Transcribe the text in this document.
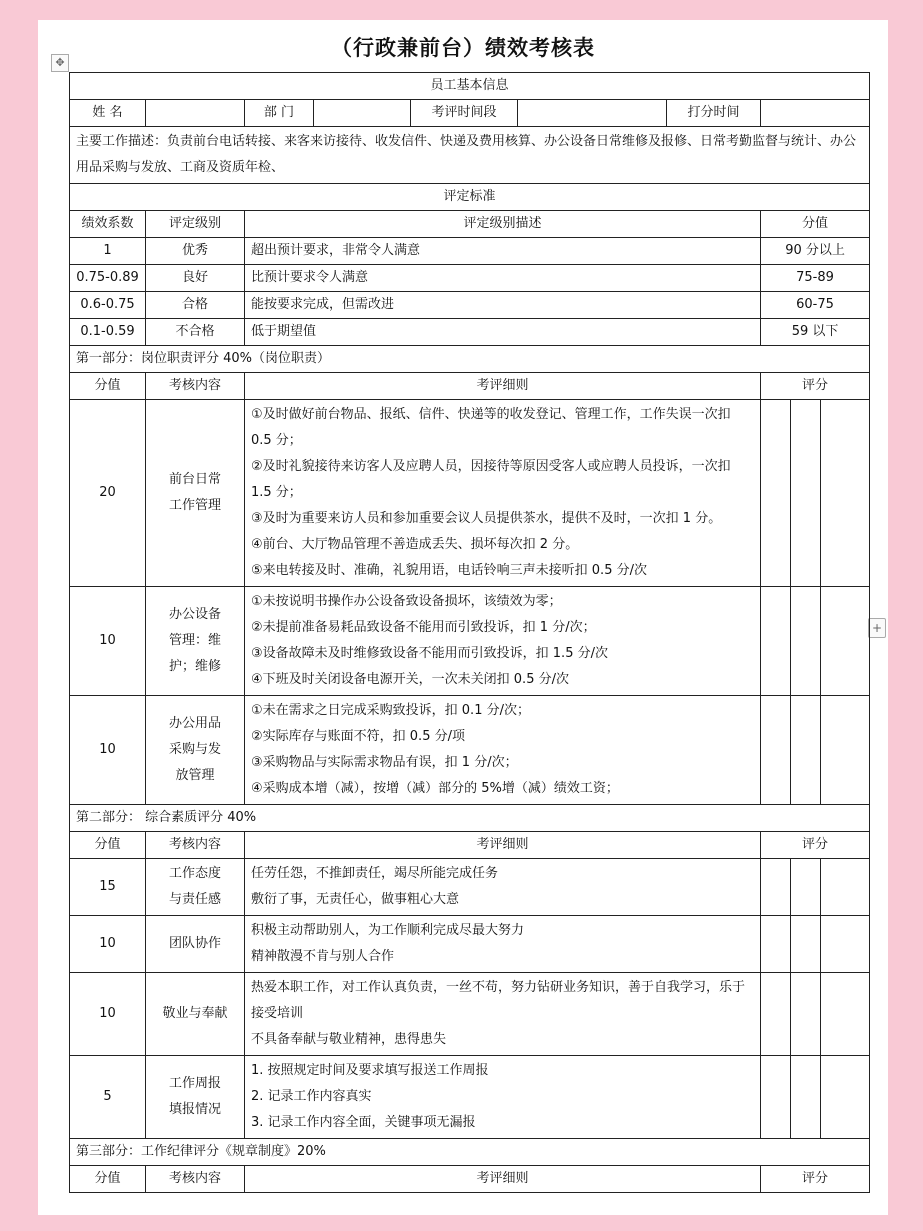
✥
（行政兼前台）绩效考核表
+
员工基本信息									
姓 名		部 门		考评时间段		打分时间			
主要工作描述：负责前台电话转接、来客来访接待、收发信件、快递及费用核算、办公设备日常维修及报修、日常考勤监督与统计、办公用品采购与发放、工商及资质年检、									
评定标准									
绩效系数	评定级别	评定级别描述					分值		
1	优秀	超出预计要求，非常令人满意					90 分以上		
0.75-0.89	良好	比预计要求令人满意					75-89		
0.6-0.75	合格	能按要求完成，但需改进					60-75		
0.1-0.59	不合格	低于期望值					59 以下		
第一部分：岗位职责评分 40%（岗位职责）									
分值	考核内容	考评细则					评分		
20	前台日常工作管理	①及时做好前台物品、报纸、信件、快递等的收发登记、管理工作，工作失误一次扣 0.5 分；
②及时礼貌接待来访客人及应聘人员，因接待等原因受客人或应聘人员投诉，一次扣 1.5 分；
③及时为重要来访人员和参加重要会议人员提供茶水，提供不及时，一次扣 1 分。
④前台、大厅物品管理不善造成丢失、损坏每次扣 2 分。
⑤来电转接及时、准确，礼貌用语，电话铃响三声未接听扣 0.5 分/次							

10	办公设备管理：维护；维修	①未按说明书操作办公设备致设备损坏，该绩效为零；
②未提前准备易耗品致设备不能用而引致投诉，扣 1 分/次；
③设备故障未及时维修致设备不能用而引致投诉，扣 1.5 分/次
④下班及时关闭设备电源开关，一次未关闭扣 0.5 分/次							

10	办公用品采购与发放管理	①未在需求之日完成采购致投诉，扣 0.1 分/次；
②实际库存与账面不符，扣 0.5 分/项
③采购物品与实际需求物品有误，扣 1 分/次；
④采购成本增（减），按增（减）部分的 5%增（减）绩效工资；							

第二部分： 综合素质评分 40%									
分值	考核内容	考评细则					评分		
15	工作态度与责任感	任劳任怨，不推卸责任，竭尽所能完成任务
敷衍了事，无责任心，做事粗心大意							

10	团队协作	积极主动帮助别人，为工作顺利完成尽最大努力
精神散漫不肯与别人合作							

10	敬业与奉献	热爱本职工作，对工作认真负责，一丝不苟，努力钻研业务知识，善于自我学习，乐于接受培训
不具备奉献与敬业精神，患得患失							

5	工作周报填报情况	1. 按照规定时间及要求填写报送工作周报
2. 记录工作内容真实
3. 记录工作内容全面，关键事项无漏报							

第三部分：工作纪律评分《规章制度》20%									
分值	考核内容	考评细则					评分		
